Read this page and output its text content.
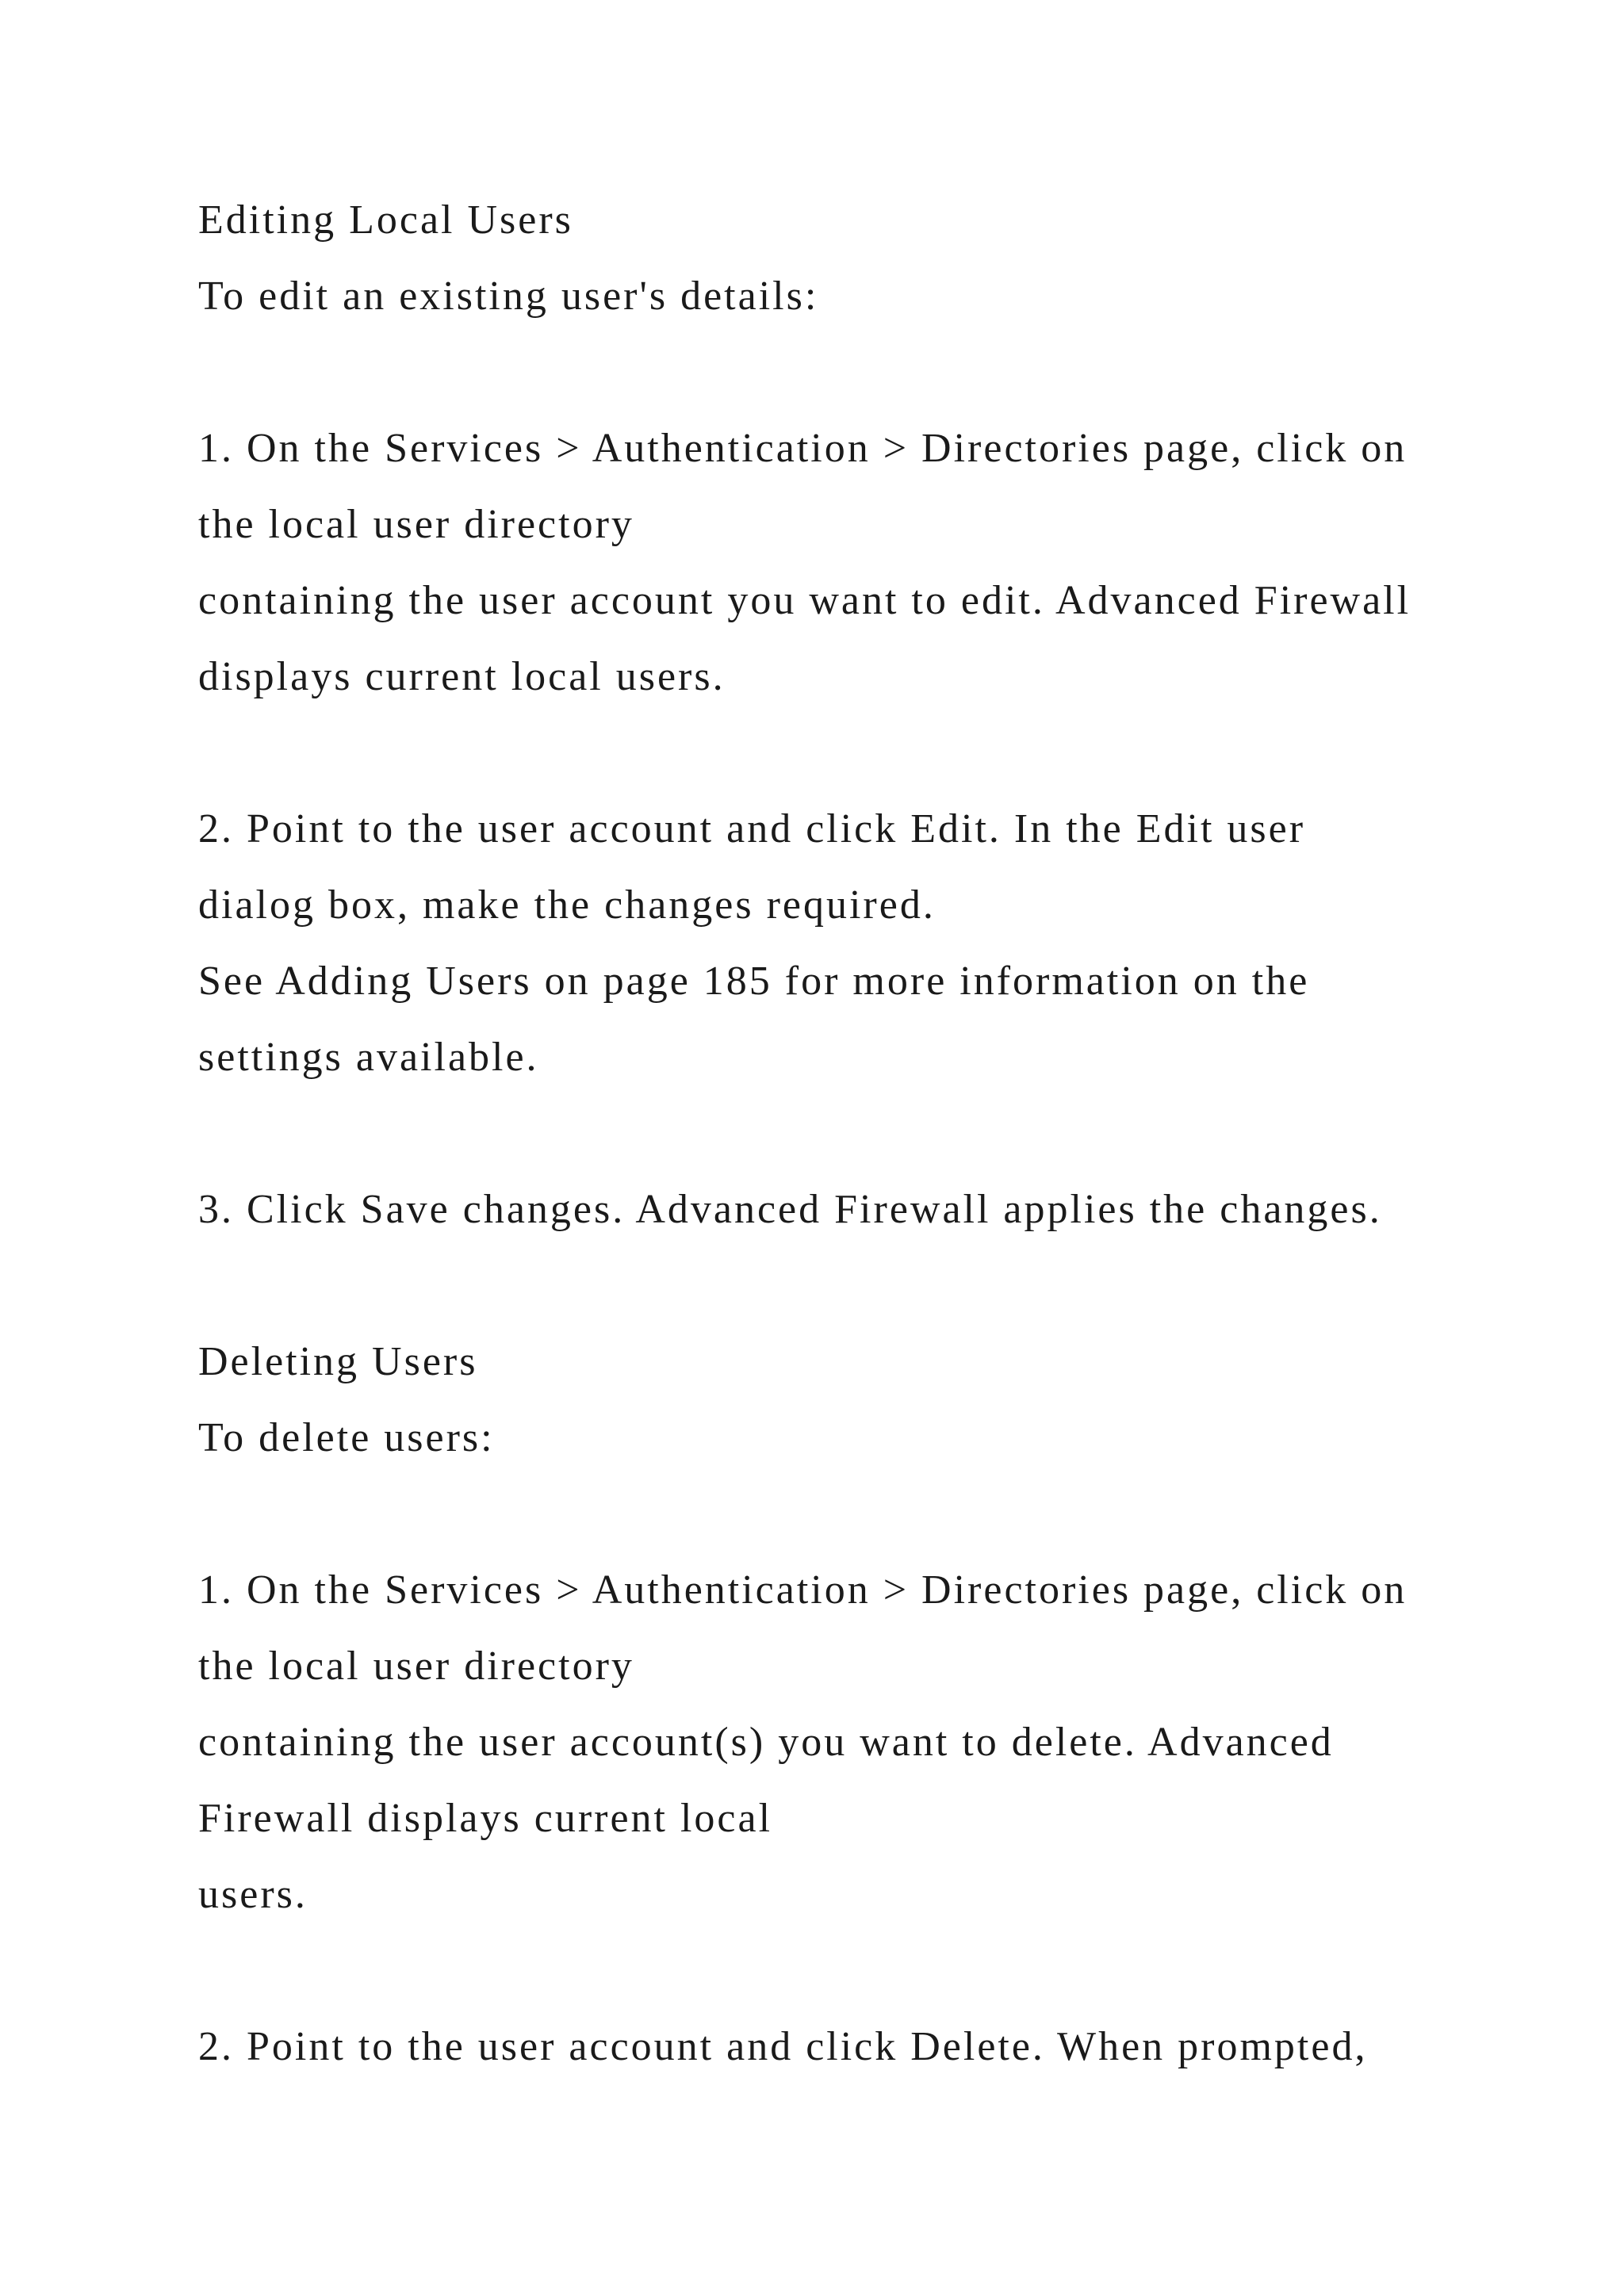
Editing Local Users
To edit an existing user's details:
1. On the Services > Authentication > Directories page, click on
the local user directory
containing the user account you want to edit. Advanced Firewall
displays current local users.
2. Point to the user account and click Edit. In the Edit user
dialog box, make the changes required.
See Adding Users on page 185 for more information on the
settings available.
3. Click Save changes. Advanced Firewall applies the changes.
Deleting Users
To delete users:
1. On the Services > Authentication > Directories page, click on
the local user directory
containing the user account(s) you want to delete. Advanced
Firewall displays current local
users.
2. Point to the user account and click Delete. When prompted,
